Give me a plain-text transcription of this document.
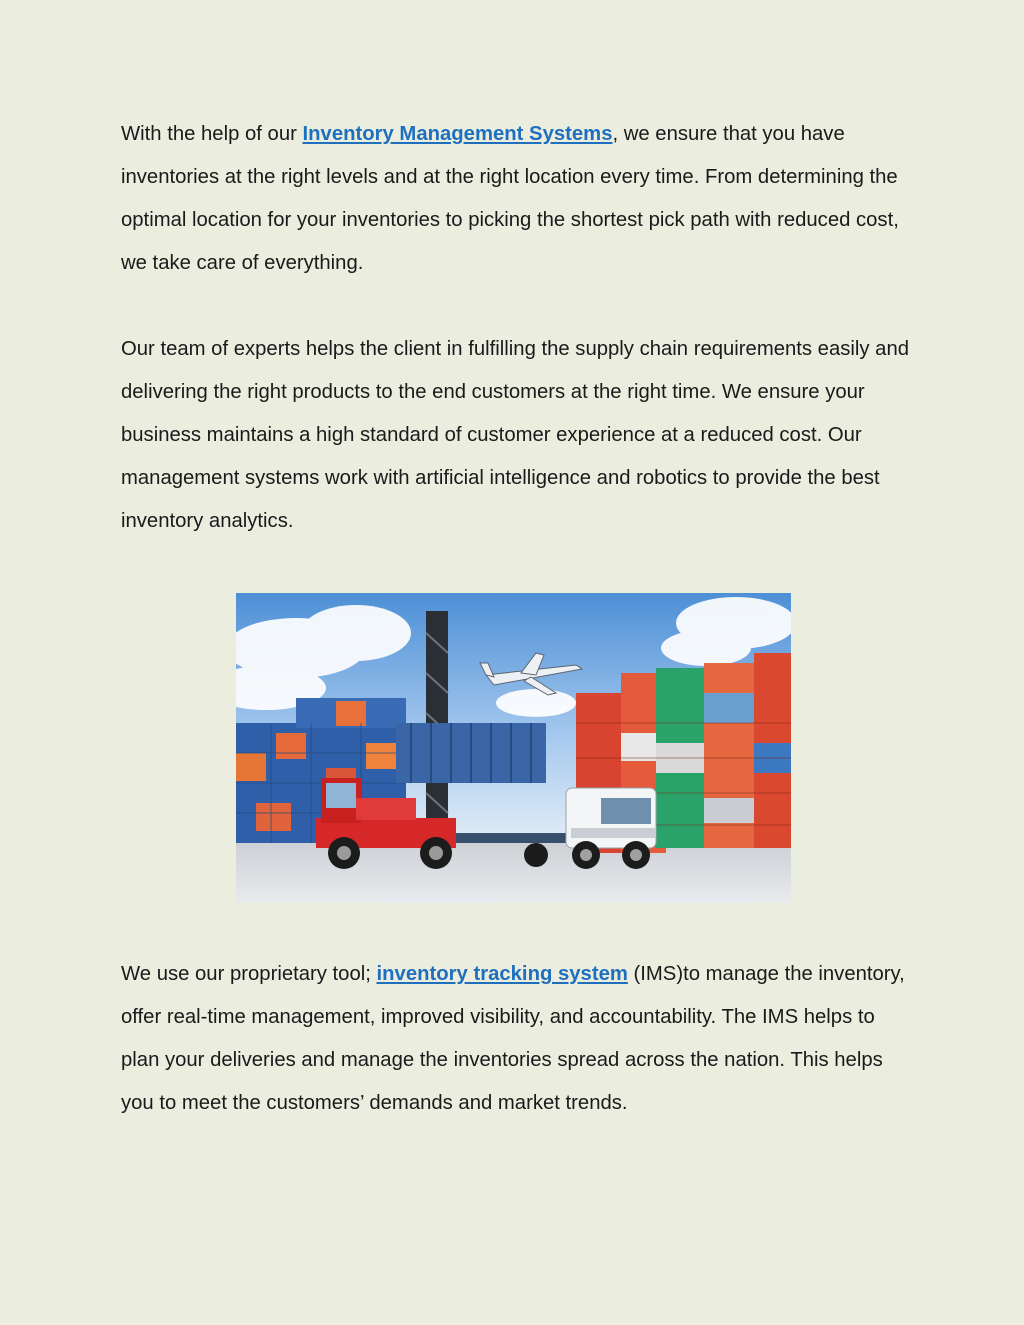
With the help of our Inventory Management Systems, we ensure that you have inventories at the right levels and at the right location every time. From determining the optimal location for your inventories to picking the shortest pick path with reduced cost, we take care of everything.

Our team of experts helps the client in fulfilling the supply chain requirements easily and delivering the right products to the end customers at the right time. We ensure your business maintains a high standard of customer experience at a reduced cost. Our management systems work with artificial intelligence and robotics to provide the best inventory analytics.

We use our proprietary tool; inventory tracking system (IMS)to manage the inventory, offer real-time management, improved visibility, and accountability. The IMS helps to plan your deliveries and manage the inventories spread across the nation. This helps you to meet the customers’ demands and market trends.
